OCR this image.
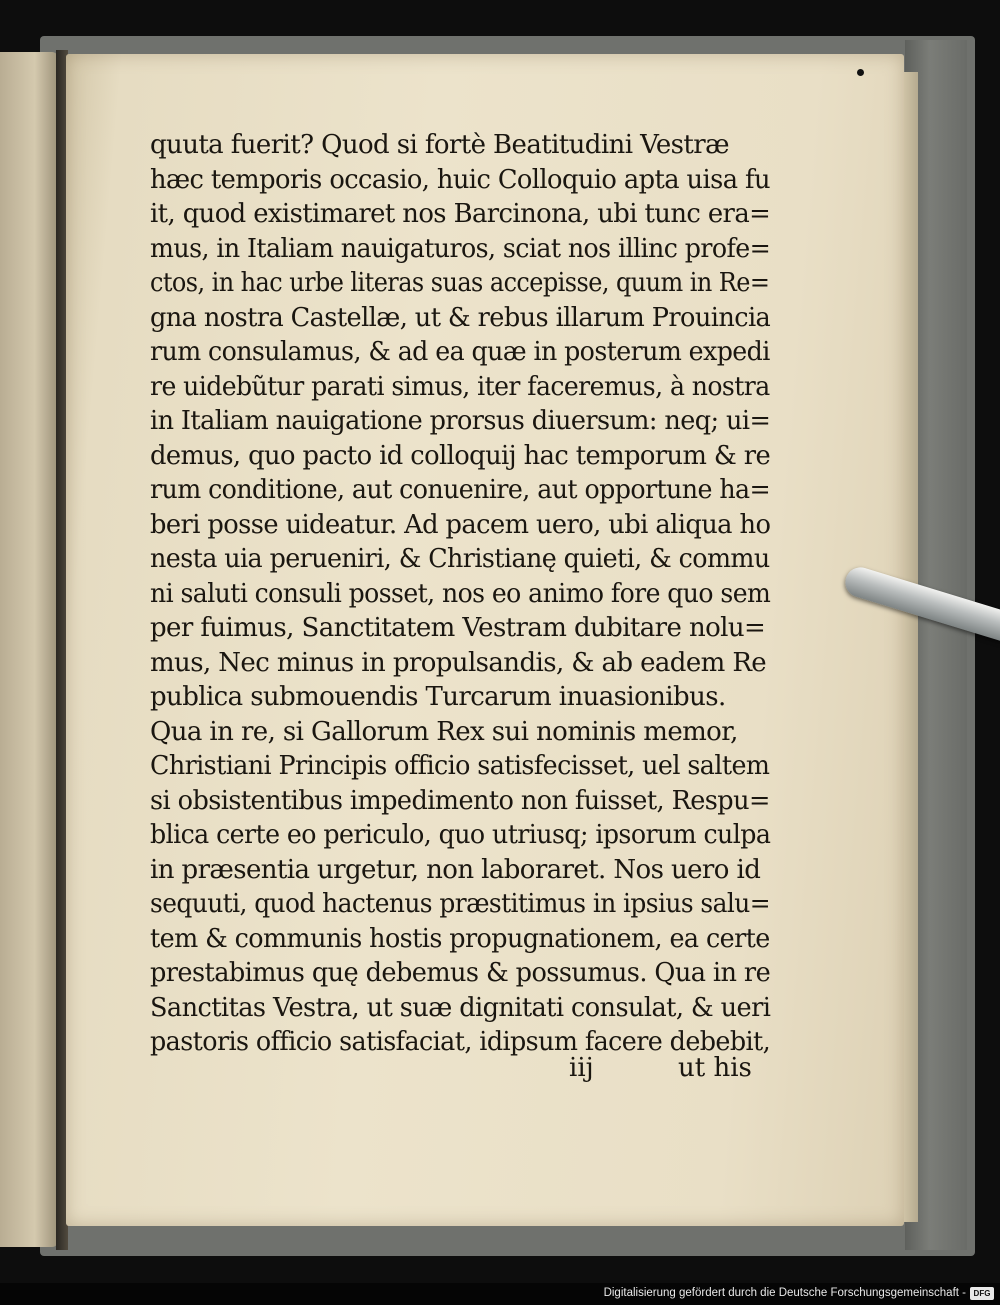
quuta fuerit? Quod si fortè Beatitudini Vestræ
hæc temporis occasio, huic Colloquio apta uisa fu
it, quod existimaret nos Barcinona, ubi tunc era=
mus, in Italiam nauigaturos, sciat nos illinc profe=
ctos, in hac urbe literas suas accepisse, quum in Re=
gna nostra Castellæ, ut & rebus illarum Prouincia
rum consulamus, & ad ea quæ in posterum expedi
re uidebũtur parati simus, iter faceremus, à nostra
in Italiam nauigatione prorsus diuersum: neq; ui=
demus, quo pacto id colloquij hac temporum & re
rum conditione, aut conuenire, aut opportune ha=
beri posse uideatur. Ad pacem uero, ubi aliqua ho
nesta uia perueniri, & Christianę quieti, & commu
ni saluti consuli posset, nos eo animo fore quo sem
per fuimus, Sanctitatem Vestram dubitare nolu=
mus, Nec minus in propulsandis, & ab eadem Re
publica submouendis Turcarum inuasionibus.
Qua in re, si Gallorum Rex sui nominis memor,
Christiani Principis officio satisfecisset, uel saltem
si obsistentibus impedimento non fuisset, Respu=
blica certe eo periculo, quo utriusq; ipsorum culpa
in præsentia urgetur, non laboraret. Nos uero id
sequuti, quod hactenus præstitimus in ipsius salu=
tem & communis hostis propugnationem, ea certe
prestabimus quę debemus & possumus. Qua in re
Sanctitas Vestra, ut suæ dignitati consulat, & ueri
pastoris officio satisfaciat, idipsum facere debebit,
iij	ut his
Digitalisierung gefördert durch die Deutsche Forschungsgemeinschaft - DFG
